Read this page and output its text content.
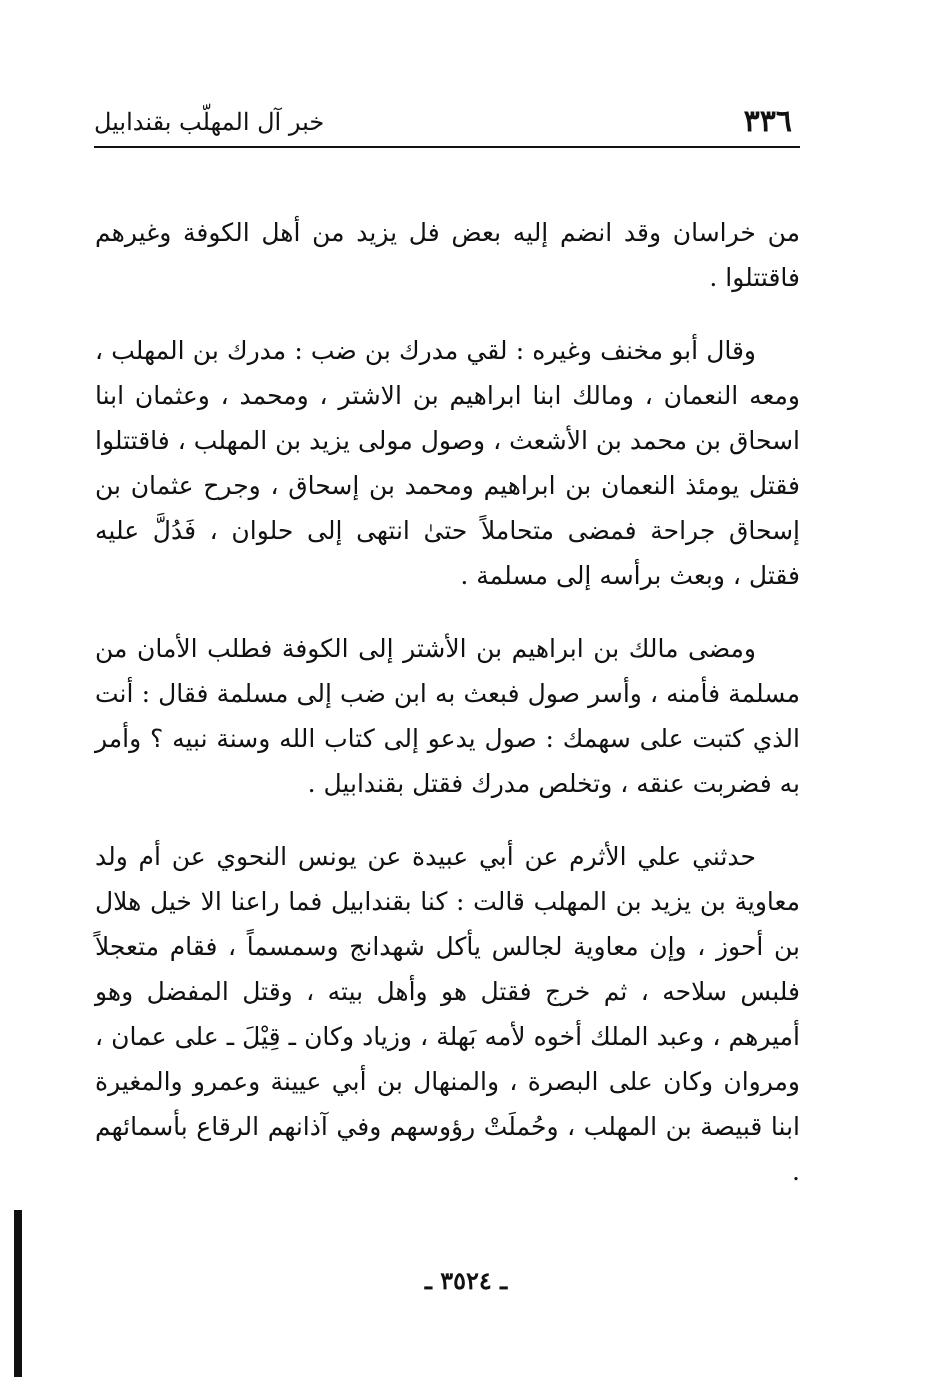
٣٣٦
خبر آل المهلّب بقندابيل

من خراسان وقد انضم إليه بعض فل يزيد من أهل الكوفة وغيرهم فاقتتلوا .

وقال أبو مخنف وغيره : لقي مدرك بن ضب : مدرك بن المهلب ، ومعه النعمان ، ومالك ابنا ابراهيم بن الاشتر ، ومحمد ، وعثمان ابنا اسحاق بن محمد بن الأشعث ، وصول مولى يزيد بن المهلب ، فاقتتلوا فقتل يومئذ النعمان بن ابراهيم ومحمد بن إسحاق ، وجرح عثمان بن إسحاق جراحة فمضى متحاملاً حتىٰ انتهى إلى حلوان ، فَدُلَّ عليه فقتل ، وبعث برأسه إلى مسلمة .

ومضى مالك بن ابراهيم بن الأشتر إلى الكوفة فطلب الأمان من مسلمة فأمنه ، وأسر صول فبعث به ابن ضب إلى مسلمة فقال : أنت الذي كتبت على سهمك : صول يدعو إلى كتاب الله وسنة نبيه ؟ وأمر به فضربت عنقه ، وتخلص مدرك فقتل بقندابيل .

حدثني علي الأثرم عن أبي عبيدة عن يونس النحوي عن أم ولد معاوية بن يزيد بن المهلب قالت : كنا بقندابيل فما راعنا الا خيل هلال بن أحوز ، وإن معاوية لجالس يأكل شهدانج وسمسماً ، فقام متعجلاً فلبس سلاحه ، ثم خرج فقتل هو وأهل بيته ، وقتل المفضل وهو أميرهم ، وعبد الملك أخوه لأمه بَهلة ، وزياد وكان ـ قِيْلَ ـ على عمان ، ومروان وكان على البصرة ، والمنهال بن أبي عيينة وعمرو والمغيرة ابنا قبيصة بن المهلب ، وحُملَتْ رؤوسهم وفي آذانهم الرقاع بأسمائهم .

ـ ٣٥٢٤ ـ
